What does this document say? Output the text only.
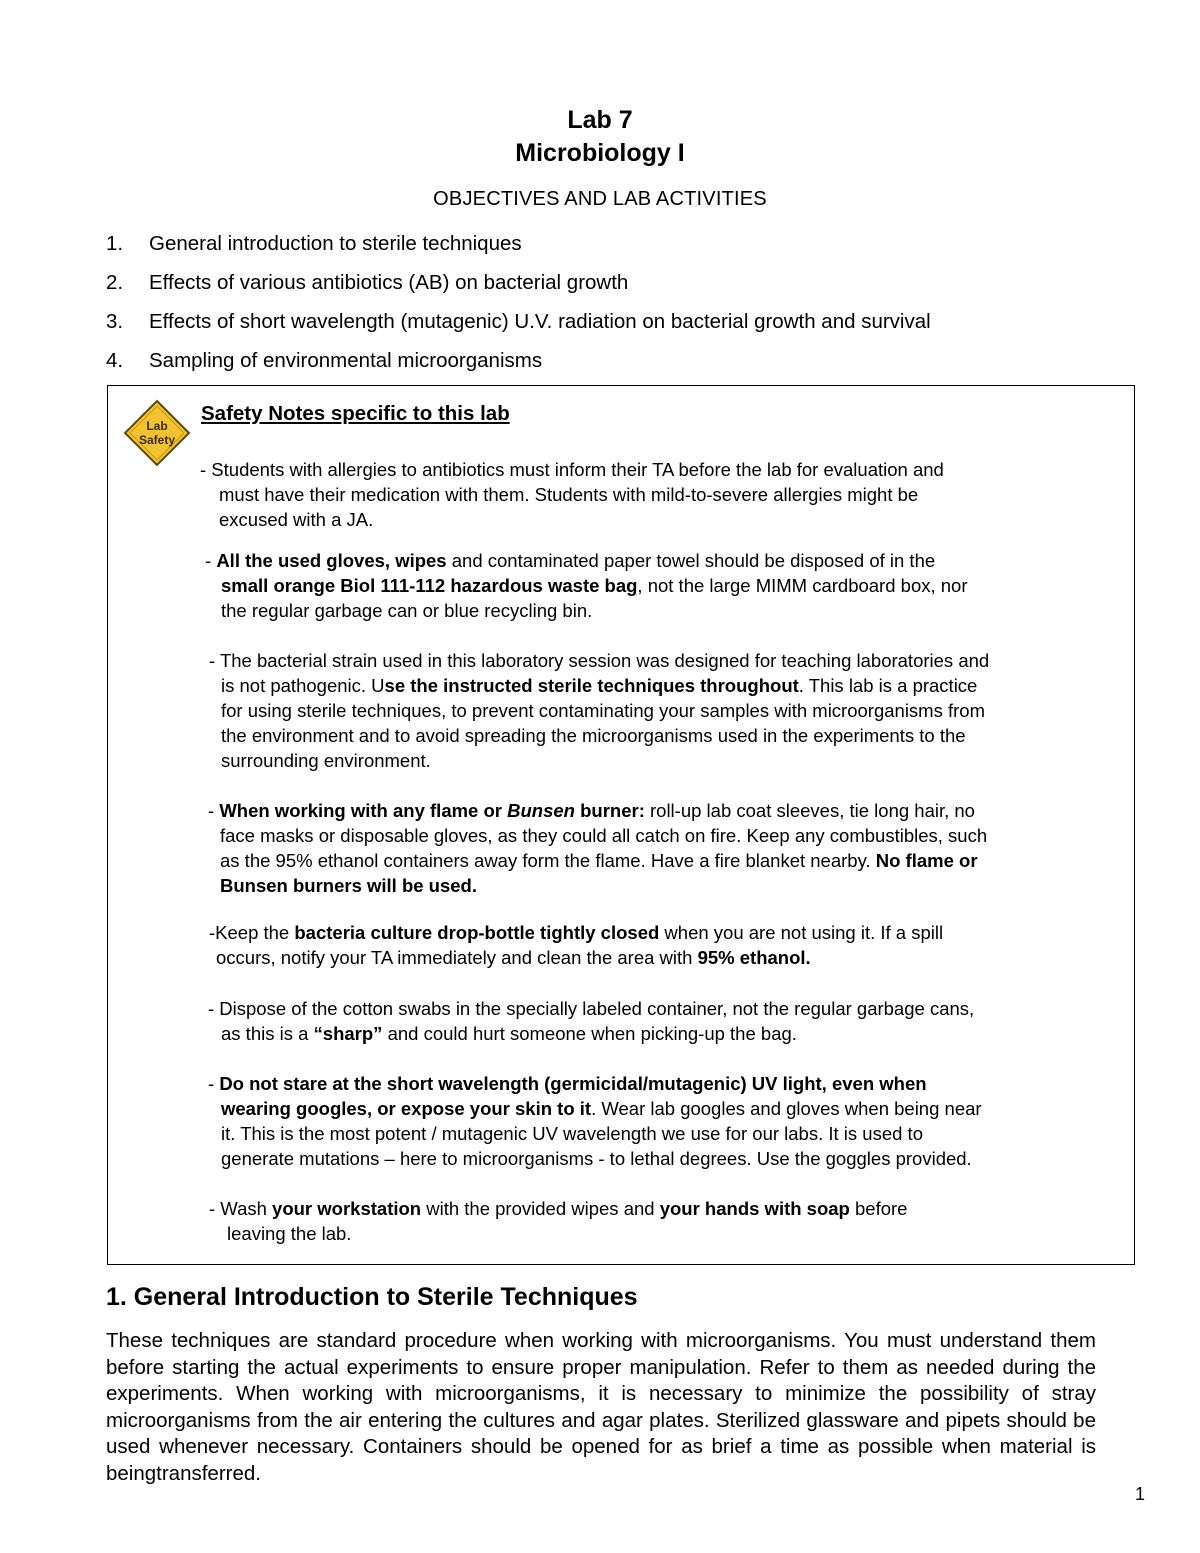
Lab 7
Microbiology I
OBJECTIVES AND LAB ACTIVITIES
1. General introduction to sterile techniques
2. Effects of various antibiotics (AB) on bacterial growth
3. Effects of short wavelength (mutagenic) U.V. radiation on bacterial growth and survival
4. Sampling of environmental microorganisms
Lab
Safety
Safety Notes specific to this lab
- Students with allergies to antibiotics must inform their TA before the lab for evaluation and
must have their medication with them. Students with mild-to-severe allergies might be
excused with a JA.
- All the used gloves, wipes and contaminated paper towel should be disposed of in the
small orange Biol 111-112 hazardous waste bag, not the large MIMM cardboard box, nor
the regular garbage can or blue recycling bin.
- The bacterial strain used in this laboratory session was designed for teaching laboratories and
is not pathogenic. Use the instructed sterile techniques throughout. This lab is a practice
for using sterile techniques, to prevent contaminating your samples with microorganisms from
the environment and to avoid spreading the microorganisms used in the experiments to the
surrounding environment.
- When working with any flame or Bunsen burner: roll-up lab coat sleeves, tie long hair, no
face masks or disposable gloves, as they could all catch on fire. Keep any combustibles, such
as the 95% ethanol containers away form the flame. Have a fire blanket nearby. No flame or
Bunsen burners will be used.
-Keep the bacteria culture drop-bottle tightly closed when you are not using it. If a spill
occurs, notify your TA immediately and clean the area with 95% ethanol.
- Dispose of the cotton swabs in the specially labeled container, not the regular garbage cans,
as this is a “sharp” and could hurt someone when picking-up the bag.
- Do not stare at the short wavelength (germicidal/mutagenic) UV light, even when
wearing googles, or expose your skin to it. Wear lab googles and gloves when being near
it. This is the most potent / mutagenic UV wavelength we use for our labs. It is used to
generate mutations – here to microorganisms - to lethal degrees. Use the goggles provided.
- Wash your workstation with the provided wipes and your hands with soap before
leaving the lab.
1. General Introduction to Sterile Techniques

These techniques are standard procedure when working with microorganisms. You must understand them before starting the actual experiments to ensure proper manipulation. Refer to them as needed during the experiments. When working with microorganisms, it is necessary to minimize the possibility of stray microorganisms from the air entering the cultures and agar plates. Sterilized glassware and pipets should be used whenever necessary. Containers should be opened for as brief a time as possible when material is beingtransferred.

1
